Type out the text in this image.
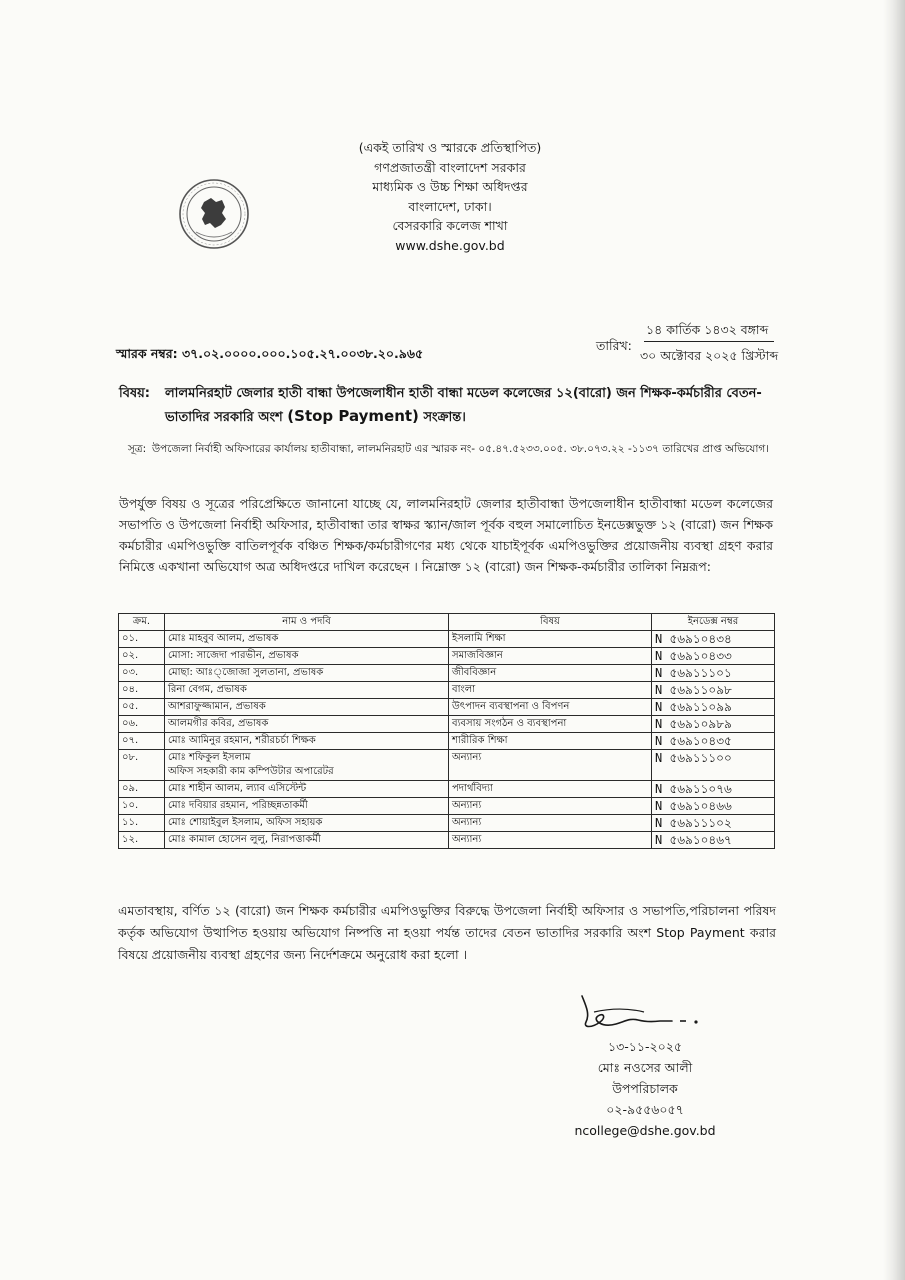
(একই তারিখ ও স্মারকে প্রতিস্থাপিত)
গণপ্রজাতন্ত্রী বাংলাদেশ সরকার
মাধ্যমিক ও উচ্চ শিক্ষা অধিদপ্তর
বাংলাদেশ, ঢাকা।
বেসরকারি কলেজ শাখা
www.dshe.gov.bd
তারিখ:
১৪ কার্তিক ১৪৩২ বঙ্গাব্দ
৩০ অক্টোবর ২০২৫ খ্রিস্টাব্দ
স্মারক নম্বর: ৩৭.০২.০০০০.০০০.১০৫.২৭.০০৩৮.২০.৯৬৫
বিষয়: লালমনিরহাট জেলার হাতী বান্ধা উপজেলাধীন হাতী বান্ধা মডেল কলেজের ১২(বারো) জন শিক্ষক-কর্মচারীর বেতন-ভাতাদির সরকারি অংশ (Stop Payment) সংক্রান্ত।
সূত্র: উপজেলা নির্বাহী অফিসারের কার্যালয় হাতীবান্ধা, লালমনিরহাট এর স্মারক নং- ০৫.৪৭.৫২৩৩.০০৫. ৩৮.০৭৩.২২ -১১৩৭ তারিখের প্রাপ্ত অভিযোগ।
উপর্যুক্ত বিষয় ও সূত্রের পরিপ্রেক্ষিতে জানানো যাচ্ছে যে, লালমনিরহাট জেলার হাতীবান্ধা উপজেলাধীন হাতীবান্ধা মডেল কলেজের সভাপতি ও উপজেলা নির্বাহী অফিসার, হাতীবান্ধা তার স্বাক্ষর স্ক্যান/জাল পূর্বক বহুল সমালোচিত ইনডেক্সভুক্ত ১২ (বারো) জন শিক্ষক কর্মচারীর এমপিওভুক্তি বাতিলপূর্বক বঞ্চিত শিক্ষক/কর্মচারীগণের মধ্য থেকে যাচাইপূর্বক এমপিওভুক্তির প্রয়োজনীয় ব্যবস্থা গ্রহণ করার নিমিত্তে একখানা অভিযোগ অত্র অধিদপ্তরে দাখিল করেছেন । নিম্নোক্ত ১২ (বারো) জন শিক্ষক-কর্মচারীর তালিকা নিম্নরূপ:
ক্রম.	নাম ও পদবি	বিষয়	ইনডেক্স নম্বর
০১.	মোঃ মাহবুব আলম, প্রভাষক	ইসলামি শিক্ষা	N ৫৬৯১০৪৩৪
০২.	মোসা: সাজেদা পারভীন, প্রভাষক	সমাজবিজ্ঞান	N ৫৬৯১০৪৩৩
০৩.	মোছা: আঃ্জোজা সুলতানা, প্রভাষক	জীববিজ্ঞান	N ৫৬৯১১১০১
০৪.	রিনা বেগম, প্রভাষক	বাংলা	N ৫৬৯১১০৯৮
০৫.	আশরাফুজ্জামান, প্রভাষক	উৎপাদন ব্যবস্থাপনা ও বিপণন	N ৫৬৯১১০৯৯
০৬.	আলমগীর কবির, প্রভাষক	ব্যবসায় সংগঠন ও ব্যবস্থাপনা	N ৫৬৯১০৯৮৯
০৭.	মোঃ আমিনুর রহমান, শরীরচর্চা শিক্ষক	শারীরিক শিক্ষা	N ৫৬৯১০৪৩৫
০৮.	মোঃ শফিকুল ইসলাম
অফিস সহকারী কাম কম্পিউটার অপারেটর	অন্যান্য	N ৫৬৯১১১০০
০৯.	মোঃ শাহীন আলম, ল্যাব এসিস্টেন্ট	পদার্থবিদ্যা	N ৫৬৯১১০৭৬
১০.	মোঃ দবিয়ার রহমান, পরিচ্ছন্নতাকর্মী	অন্যান্য	N ৫৬৯১০৪৬৬
১১.	মোঃ শোয়াইবুল ইসলাম, অফিস সহায়ক	অন্যান্য	N ৫৬৯১১১০২
১২.	মোঃ কামাল হোসেন লুলু, নিরাপত্তাকর্মী	অন্যান্য	N ৫৬৯১০৪৬৭
এমতাবস্থায়, বর্ণিত ১২ (বারো) জন শিক্ষক কর্মচারীর এমপিওভুক্তির বিরুদ্ধে উপজেলা নির্বাহী অফিসার ও সভাপতি,পরিচালনা পরিষদ কর্তৃক অভিযোগ উত্থাপিত হওয়ায় অভিযোগ নিষ্পত্তি না হওয়া পর্যন্ত তাদের বেতন ভাতাদির সরকারি অংশ Stop Payment করার বিষয়ে প্রয়োজনীয় ব্যবস্থা গ্রহণের জন্য নির্দেশক্রমে অনুরোধ করা হলো ।
১৩-১১-২০২৫
মোঃ নওসের আলী
উপপরিচালক
০২-৯৫৫৬০৫৭
ncollege@dshe.gov.bd
